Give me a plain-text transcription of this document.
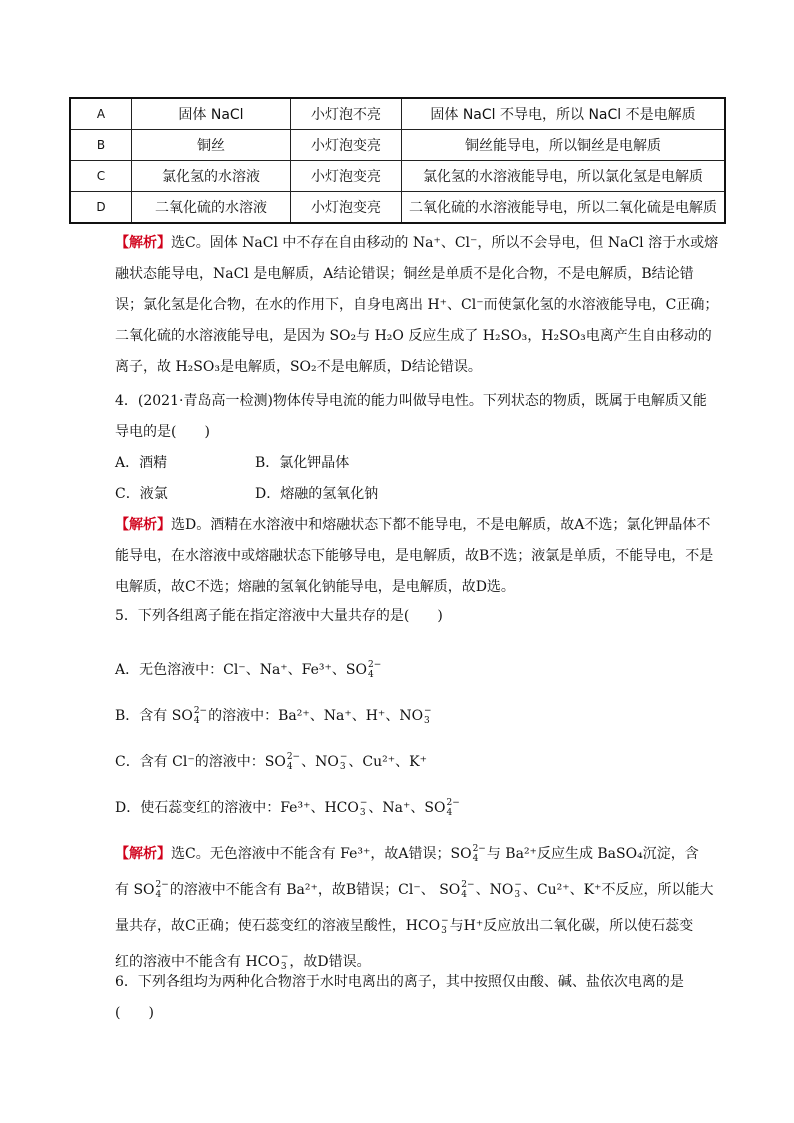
A	固体 NaCl	小灯泡不亮	固体 NaCl 不导电，所以 NaCl 不是电解质
B	铜丝	小灯泡变亮	铜丝能导电，所以铜丝是电解质
C	氯化氢的水溶液	小灯泡变亮	氯化氢的水溶液能导电，所以氯化氢是电解质
D	二氧化硫的水溶液	小灯泡变亮	二氧化硫的水溶液能导电，所以二氧化硫是电解质

【解析】选C。固体 NaCl 中不存在自由移动的 Na⁺、Cl⁻，所以不会导电，但 NaCl 溶于水或熔融状态能导电，NaCl 是电解质，A结论错误；铜丝是单质不是化合物，不是电解质，B结论错误；氯化氢是化合物，在水的作用下，自身电离出 H⁺、Cl⁻而使氯化氢的水溶液能导电，C正确；二氧化硫的水溶液能导电，是因为 SO₂与 H₂O 反应生成了 H₂SO₃，H₂SO₃电离产生自由移动的离子，故 H₂SO₃是电解质，SO₂不是电解质，D结论错误。

4．(2021·青岛高一检测)物体传导电流的能力叫做导电性。下列状态的物质，既属于电解质又能导电的是(　　)

A．酒精	B．氯化钾晶体
C．液氯	D．熔融的氢氧化钠

【解析】选D。酒精在水溶液中和熔融状态下都不能导电，不是电解质，故A不选；氯化钾晶体不能导电，在水溶液中或熔融状态下能够导电，是电解质，故B不选；液氯是单质，不能导电，不是电解质，故C不选；熔融的氢氧化钠能导电，是电解质，故D选。

5．下列各组离子能在指定溶液中大量共存的是(　　)
A．无色溶液中：Cl⁻、Na⁺、Fe³⁺、SO 2−
4
B．含有 SO 2−
4 的溶液中：Ba²⁺、Na⁺、H⁺、NO −
3
C．含有 Cl⁻的溶液中：SO 2−
4 、NO −
3 、Cu²⁺、K⁺
D．使石蕊变红的溶液中：Fe³⁺、HCO −
3 、Na⁺、SO 2−
4
【解析】选C。无色溶液中不能含有 Fe³⁺，故A错误；SO 2−
4 与 Ba²⁺反应生成 BaSO₄沉淀，含
有 SO 2−
4 的溶液中不能含有 Ba²⁺，故B错误；Cl⁻、 SO 2−
4 、NO −
3 、Cu²⁺、K⁺不反应，所以能大
量共存，故C正确；使石蕊变红的溶液呈酸性，HCO −
3 与H⁺反应放出二氧化碳，所以使石蕊变
红的溶液中不能含有 HCO −
3 ，故D错误。

6．下列各组均为两种化合物溶于水时电离出的离子，其中按照仅由酸、碱、盐依次电离的是(　　)
